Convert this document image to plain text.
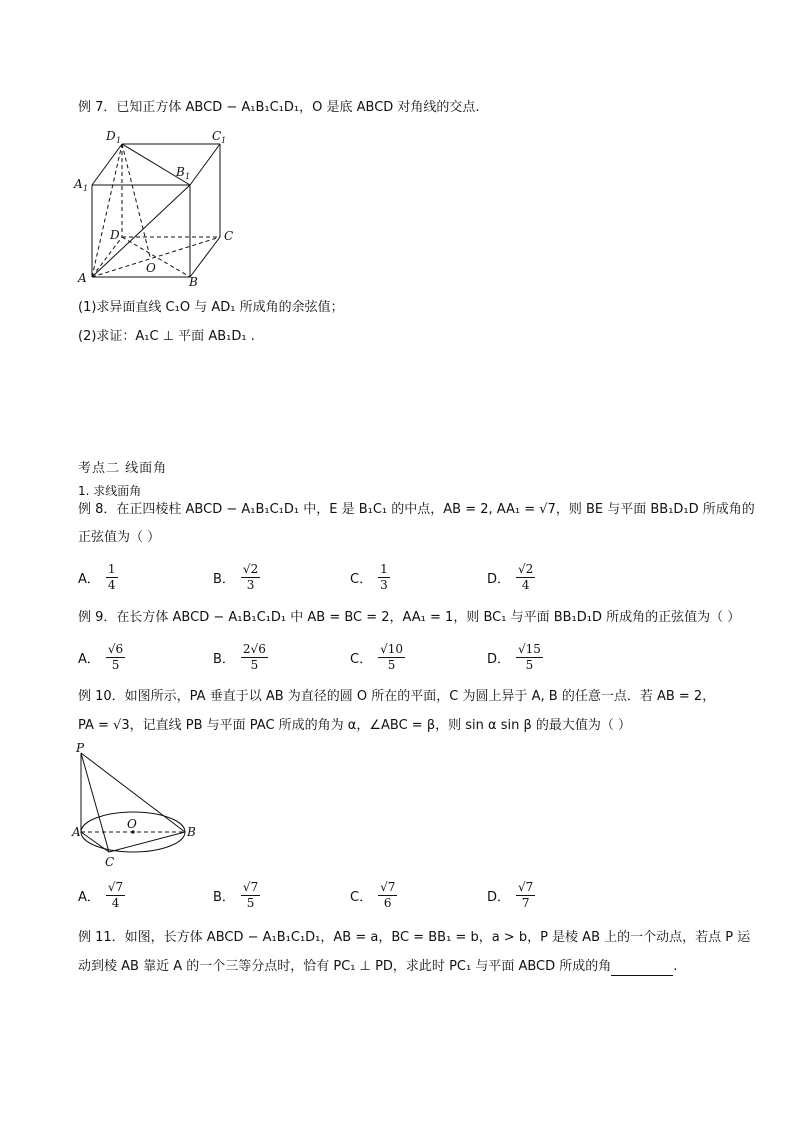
例 7．已知正方体 ABCD − A₁B₁C₁D₁，O 是底 ABCD 对角线的交点.
D 1	C 1
A 1
B 1
D	C
O
A	B
(1)求异面直线 C₁O 与 AD₁ 所成角的余弦值；
(2)求证：A₁C ⊥ 平面 AB₁D₁ .
考点二 线面角
1. 求线面角
例 8．在正四棱柱 ABCD − A₁B₁C₁D₁ 中，E 是 B₁C₁ 的中点，AB = 2, AA₁ = √7，则 BE 与平面 BB₁D₁D 所成角的
正弦值为（ ）
A． $\frac{1}{4}$	B． $\frac{√2}{3}$	C． $\frac{1}{3}$	D． $\frac{√2}{4}$
例 9．在长方体 ABCD − A₁B₁C₁D₁ 中 AB = BC = 2，AA₁ = 1，则 BC₁ 与平面 BB₁D₁D 所成角的正弦值为（ ）
A． $\frac{√6}{5}$	B． $\frac{2√6}{5}$	C． $\frac{√10}{5}$	D． $\frac{√15}{5}$
例 10．如图所示，PA 垂直于以 AB 为直径的圆 O 所在的平面，C 为圆上异于 A, B 的任意一点．若 AB = 2，
PA = √3，记直线 PB 与平面 PAC 所成的角为 α，∠ABC = β，则 sin α sin β 的最大值为（ ）
P
A
O
B
C
A． $\frac{√7}{4}$	B． $\frac{√7}{5}$	C． $\frac{√7}{6}$	D． $\frac{√7}{7}$
例 11．如图，长方体 ABCD − A₁B₁C₁D₁，AB = a，BC = BB₁ = b，a > b，P 是棱 AB 上的一个动点，若点 P 运
动到棱 AB 靠近 A 的一个三等分点时，恰有 PC₁ ⊥ PD，求此时 PC₁ 与平面 ABCD 所成的角	.
